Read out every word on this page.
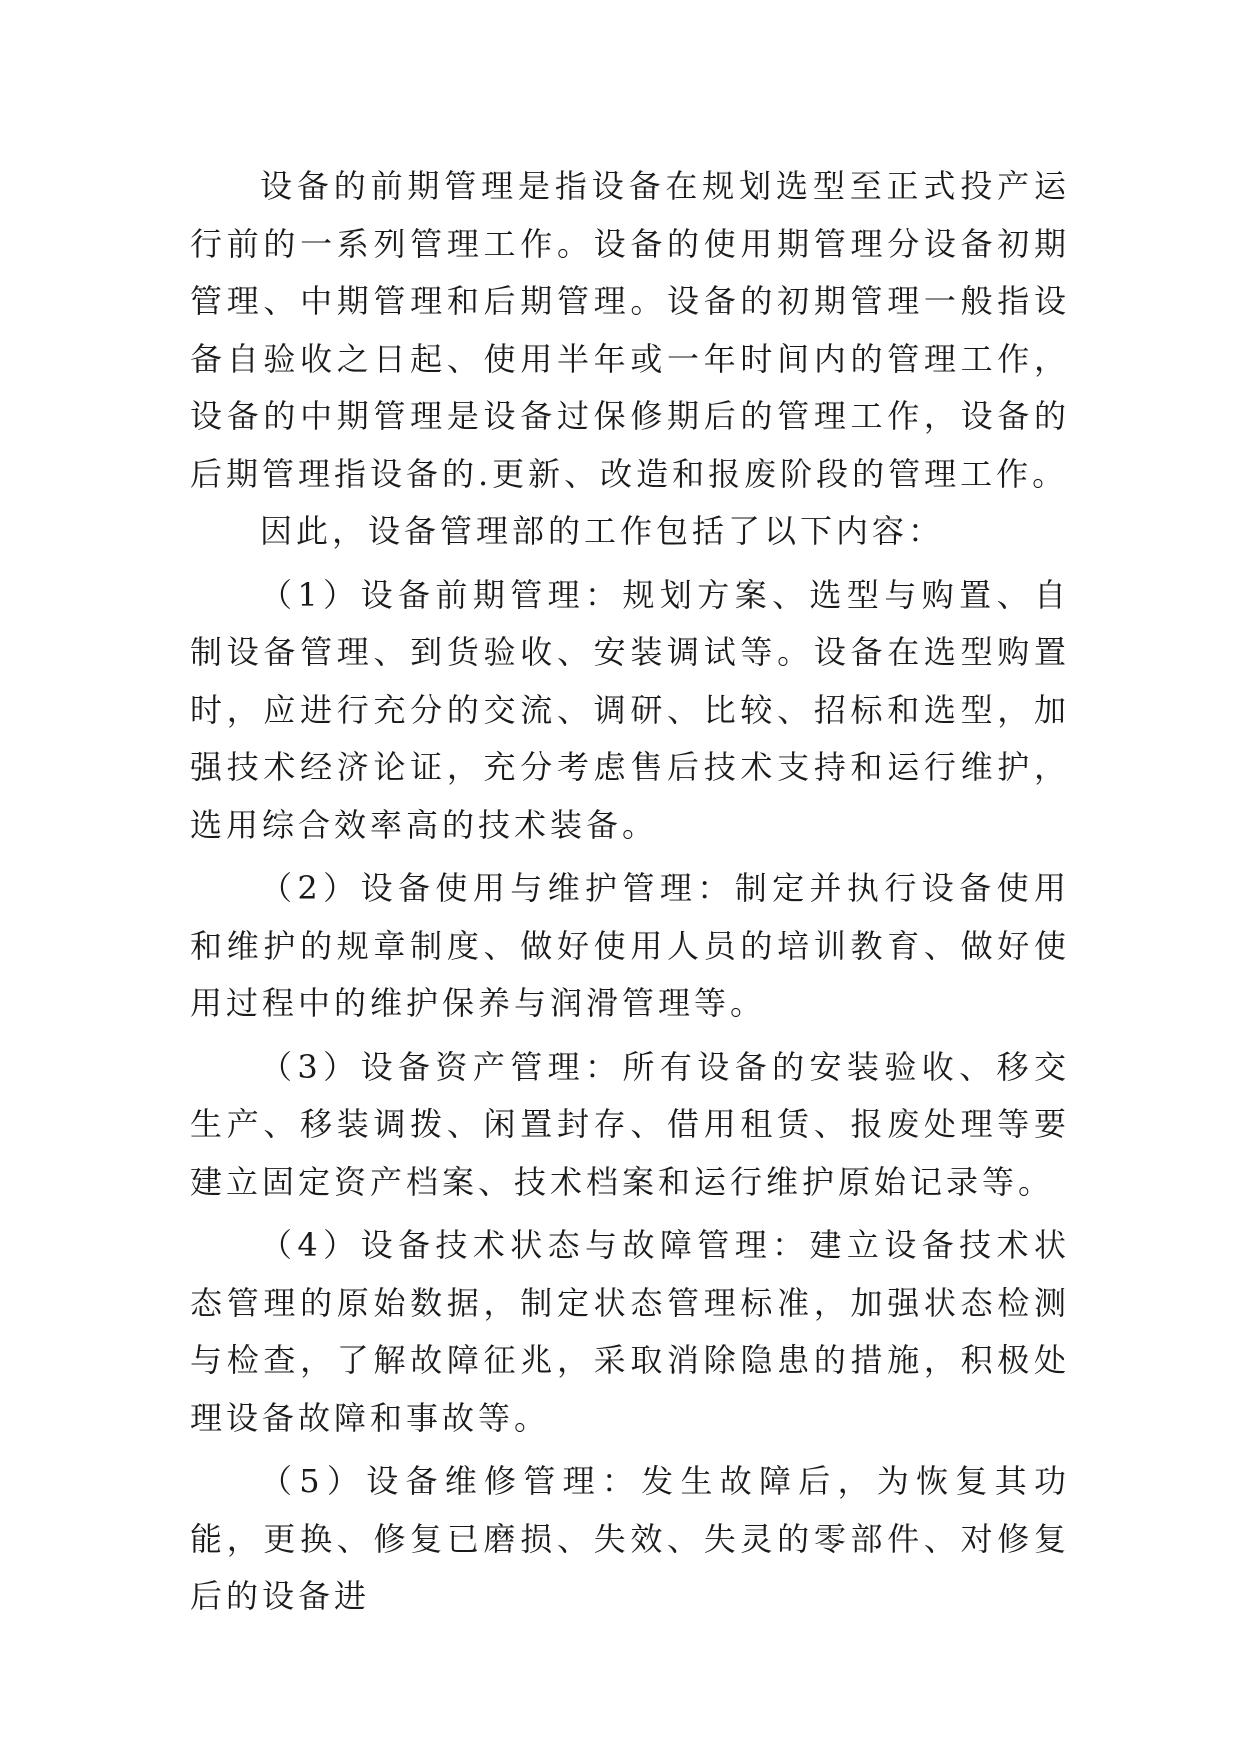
设备的前期管理是指设备在规划选型至正式投产运行前的一系列管理工作。设备的使用期管理分设备初期管理、中期管理和后期管理。设备的初期管理一般指设备自验收之日起、使用半年或一年时间内的管理工作，设备的中期管理是设备过保修期后的管理工作，设备的后期管理指设备的.更新、改造和报废阶段的管理工作。

因此，设备管理部的工作包括了以下内容：

（1）设备前期管理：规划方案、选型与购置、自制设备管理、到货验收、安装调试等。设备在选型购置时，应进行充分的交流、调研、比较、招标和选型，加强技术经济论证，充分考虑售后技术支持和运行维护，选用综合效率高的技术装备。

（2）设备使用与维护管理：制定并执行设备使用和维护的规章制度、做好使用人员的培训教育、做好使用过程中的维护保养与润滑管理等。

（3）设备资产管理：所有设备的安装验收、移交生产、移装调拨、闲置封存、借用租赁、报废处理等要建立固定资产档案、技术档案和运行维护原始记录等。

（4）设备技术状态与故障管理：建立设备技术状态管理的原始数据，制定状态管理标准，加强状态检测与检查，了解故障征兆，采取消除隐患的措施，积极处理设备故障和事故等。

（5）设备维修管理：发生故障后，为恢复其功能，更换、修复已磨损、失效、失灵的零部件、对修复后的设备进
